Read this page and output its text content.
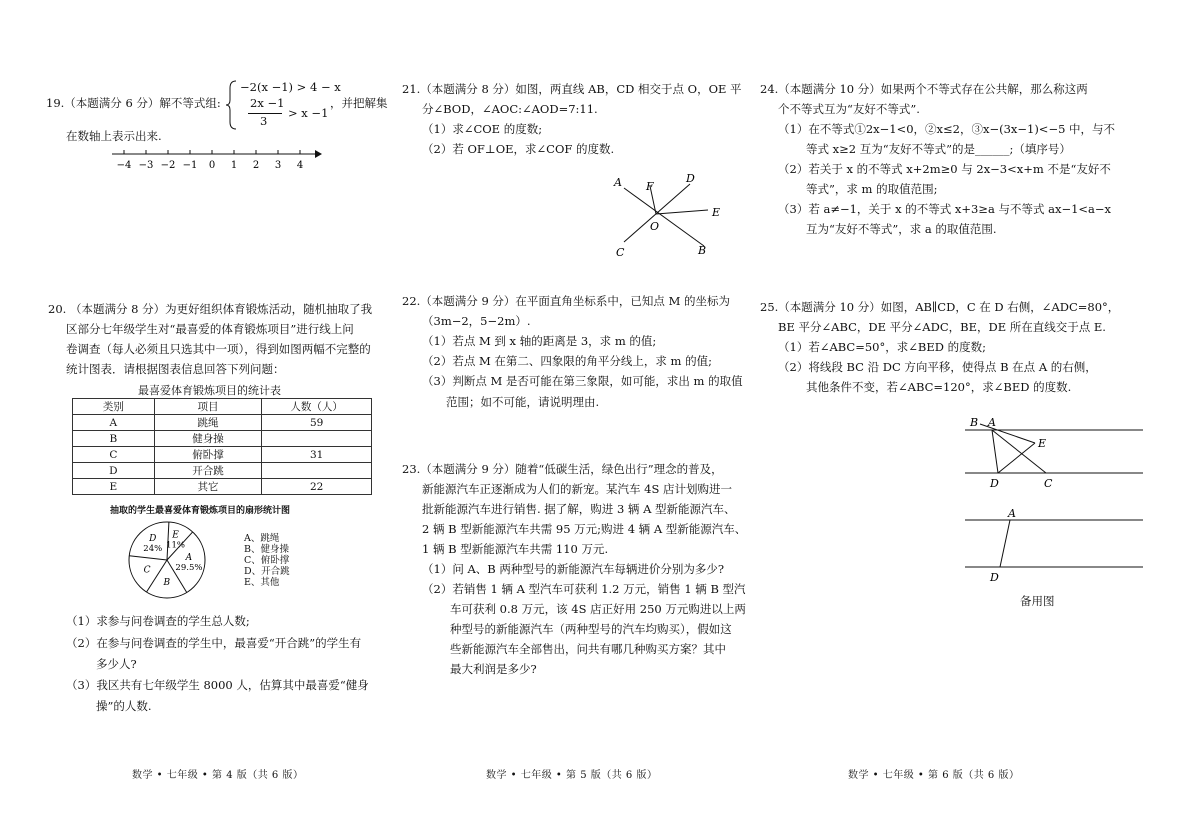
19.（本题满分 6 分）解不等式组:
−2(x −1) > 4 − x
2x −1
3
> x −1
，并把解集
在数轴上表示出来.
−4 −3 −2 −1 0 1 2 3 4
20. （本题满分 8 分）为更好组织体育锻炼活动，随机抽取了我
区部分七年级学生对“最喜爱的体育锻炼项目”进行线上问
卷调查（每人必须且只选其中一项），得到如图两幅不完整的
统计图表．请根据图表信息回答下列问题：
最喜爱体育锻炼项目的统计表
类别	项目	人数（人）
A	跳绳	59
B	健身操	
C	俯卧撑	31
D	开合跳	
E	其它	22
抽取的学生最喜爱体育锻炼项目的扇形统计图
E
11%
A
29.5%
B
C
D
24%
A、跳绳
B、健身操
C、俯卧撑
D、开合跳
E、其他
（1）求参与问卷调查的学生总人数;
（2）在参与问卷调查的学生中，最喜爱“开合跳”的学生有
多少人?
（3）我区共有七年级学生 8000 人，估算其中最喜爱“健身
操”的人数.
数学 • 七年级 • 第 4 版（共 6 版）
21.（本题满分 8 分）如图，两直线 AB，CD 相交于点 O，OE 平
分∠BOD，∠AOC:∠AOD=7:11.
（1）求∠COE 的度数;
（2）若 OF⊥OE，求∠COF 的度数.
A F
D
E
O
C	B
22.（本题满分 9 分）在平面直角坐标系中，已知点 M 的坐标为
（3m−2，5−2m）.
（1）若点 M 到 x 轴的距离是 3，求 m 的值;
（2）若点 M 在第二、四象限的角平分线上，求 m 的值;
（3）判断点 M 是否可能在第三象限，如可能，求出 m 的取值
范围；如不可能，请说明理由.
23.（本题满分 9 分）随着“低碳生活，绿色出行”理念的普及，
新能源汽车正逐渐成为人们的新宠。某汽车 4S 店计划购进一
批新能源汽车进行销售. 据了解，购进 3 辆 A 型新能源汽车、
2 辆 B 型新能源汽车共需 95 万元;购进 4 辆 A 型新能源汽车、
1 辆 B 型新能源汽车共需 110 万元.
（1）问 A、B 两种型号的新能源汽车每辆进价分别为多少?
（2）若销售 1 辆 A 型汽车可获利 1.2 万元，销售 1 辆 B 型汽
车可获利 0.8 万元，该 4S 店正好用 250 万元购进以上两
种型号的新能源汽车（两种型号的汽车均购买），假如这
些新能源汽车全部售出，问共有哪几种购买方案？其中
最大利润是多少?
数学 • 七年级 • 第 5 版（共 6 版）
24.（本题满分 10 分）如果两个不等式存在公共解，那么称这两
个不等式互为“友好不等式”.
（1）在不等式①2x−1<0，②x≤2，③x−(3x−1)<−5 中，与不
等式 x≥2 互为“友好不等式”的是______;（填序号）
（2）若关于 x 的不等式 x+2m≥0 与 2x−3<x+m 不是“友好不
等式”，求 m 的取值范围;
（3）若 a≠−1，关于 x 的不等式 x+3≥a 与不等式 ax−1<a−x
互为“友好不等式”，求 a 的取值范围.
25.（本题满分 10 分）如图，AB∥CD，C 在 D 右侧，∠ADC=80°，
BE 平分∠ABC，DE 平分∠ADC，BE，DE 所在直线交于点 E.
（1）若∠ABC=50°，求∠BED 的度数;
（2）将线段 BC 沿 DC 方向平移，使得点 B 在点 A 的右侧，
其他条件不变，若∠ABC=120°，求∠BED 的度数.
B A
E
D	C
A
D
备用图
数学 • 七年级 • 第 6 版（共 6 版）
